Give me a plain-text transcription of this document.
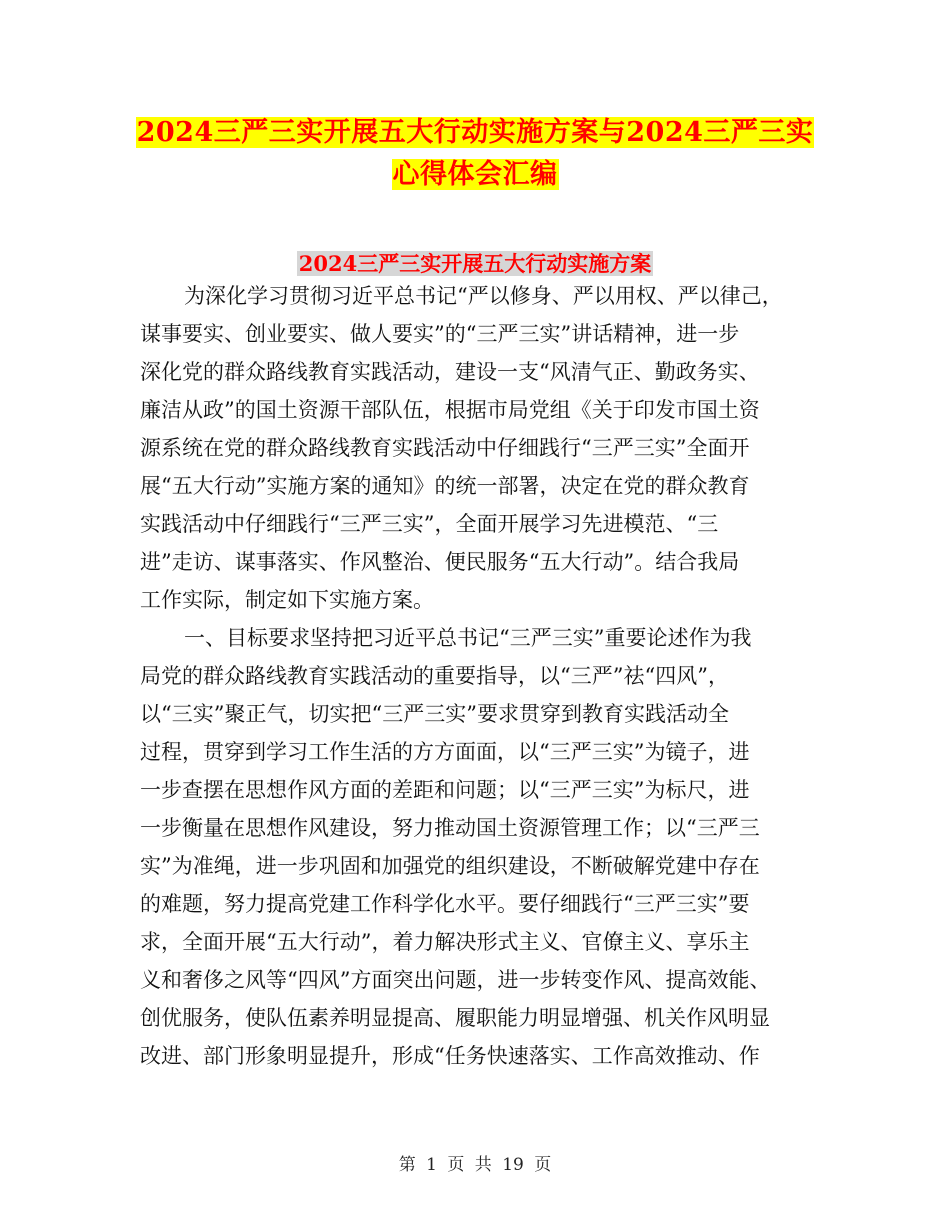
2024三严三实开展五大行动实施方案与2024三严三实
心得体会汇编
2024三严三实开展五大行动实施方案
为深化学习贯彻习近平总书记“严以修身、严以用权、严以律己，
谋事要实、创业要实、做人要实”的“三严三实”讲话精神，进一步
深化党的群众路线教育实践活动，建设一支“风清气正、勤政务实、
廉洁从政”的国土资源干部队伍，根据市局党组《关于印发市国土资
源系统在党的群众路线教育实践活动中仔细践行“三严三实”全面开
展“五大行动”实施方案的通知》的统一部署，决定在党的群众教育
实践活动中仔细践行“三严三实”，全面开展学习先进模范、“三
进”走访、谋事落实、作风整治、便民服务“五大行动”。结合我局
工作实际，制定如下实施方案。
一、目标要求坚持把习近平总书记“三严三实”重要论述作为我
局党的群众路线教育实践活动的重要指导，以“三严”祛“四风”，
以“三实”聚正气，切实把“三严三实”要求贯穿到教育实践活动全
过程，贯穿到学习工作生活的方方面面，以“三严三实”为镜子，进
一步查摆在思想作风方面的差距和问题；以“三严三实”为标尺，进
一步衡量在思想作风建设，努力推动国土资源管理工作；以“三严三
实”为准绳，进一步巩固和加强党的组织建设，不断破解党建中存在
的难题，努力提高党建工作科学化水平。要仔细践行“三严三实”要
求，全面开展“五大行动”，着力解决形式主义、官僚主义、享乐主
义和奢侈之风等“四风”方面突出问题，进一步转变作风、提高效能、
创优服务，使队伍素养明显提高、履职能力明显增强、机关作风明显
改进、部门形象明显提升，形成“任务快速落实、工作高效推动、作
第 1 页 共 19 页
